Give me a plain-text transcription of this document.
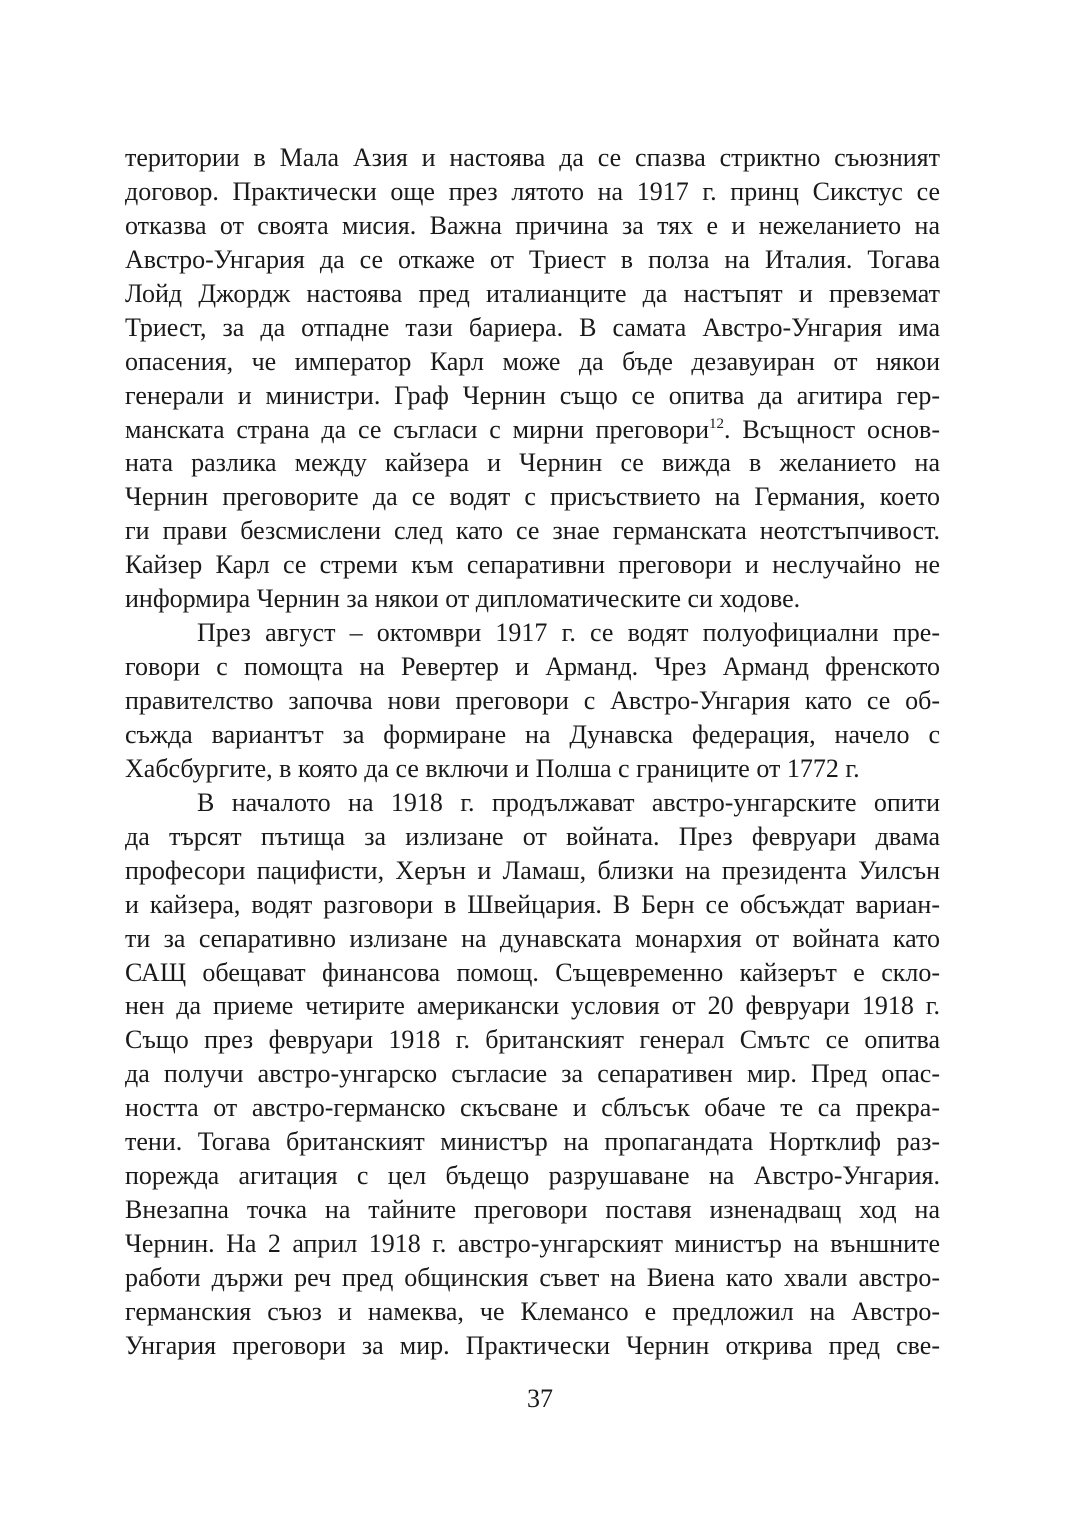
територии в Мала Азия и настоява да се спазва стриктно съюзният
договор. Практически още през лятото на 1917 г. принц Сикстус се
отказва от своята мисия. Важна причина за тях е и нежеланието на
Австро-Унгария да се откаже от Триест в полза на Италия. Тогава
Лойд Джордж настоява пред италианците да настъпят и превземат
Триест, за да отпадне тази бариера. В самата Австро-Унгария има
опасения, че император Карл може да бъде дезавуиран от някои
генерали и министри. Граф Чернин също се опитва да агитира гер-
манската страна да се съгласи с мирни преговори$^{12}$. Всъщност основ-
ната разлика между кайзера и Чернин се вижда в желанието на
Чернин преговорите да се водят с присъствието на Германия, което
ги прави безсмислени след като се знае германската неотстъпчивост.
Кайзер Карл се стреми към сепаративни преговори и неслучайно не
информира Чернин за някои от дипломатическите си ходове.
През август – октомври 1917 г. се водят полуофициални пре-
говори с помощта на Ревертер и Арманд. Чрез Арманд френското
правителство започва нови преговори с Австро-Унгария като се об-
съжда вариантът за формиране на Дунавска федерация, начело с
Хабсбургите, в която да се включи и Полша с границите от 1772 г.
В началото на 1918 г. продължават австро-унгарските опити
да търсят пътища за излизане от войната. През февруари двама
професори пацифисти, Херън и Ламаш, близки на президента Уилсън
и кайзера, водят разговори в Швейцария. В Берн се обсъждат вариан-
ти за сепаративно излизане на дунавската монархия от войната като
САЩ обещават финансова помощ. Същевременно кайзерът е скло-
нен да приеме четирите американски условия от 20 февруари 1918 г.
Също през февруари 1918 г. британският генерал Смътс се опитва
да получи австро-унгарско съгласие за сепаративен мир. Пред опас-
ността от австро-германско скъсване и сблъсък обаче те са прекра-
тени. Тогава британският министър на пропагандата Нортклиф раз-
порежда агитация с цел бъдещо разрушаване на Австро-Унгария.
Внезапна точка на тайните преговори поставя изненадващ ход на
Чернин. На 2 април 1918 г. австро-унгарският министър на външните
работи държи реч пред общинския съвет на Виена като хвали австро-
германския съюз и намеква, че Клемансо е предложил на Австро-
Унгария преговори за мир. Практически Чернин открива пред све-
37
